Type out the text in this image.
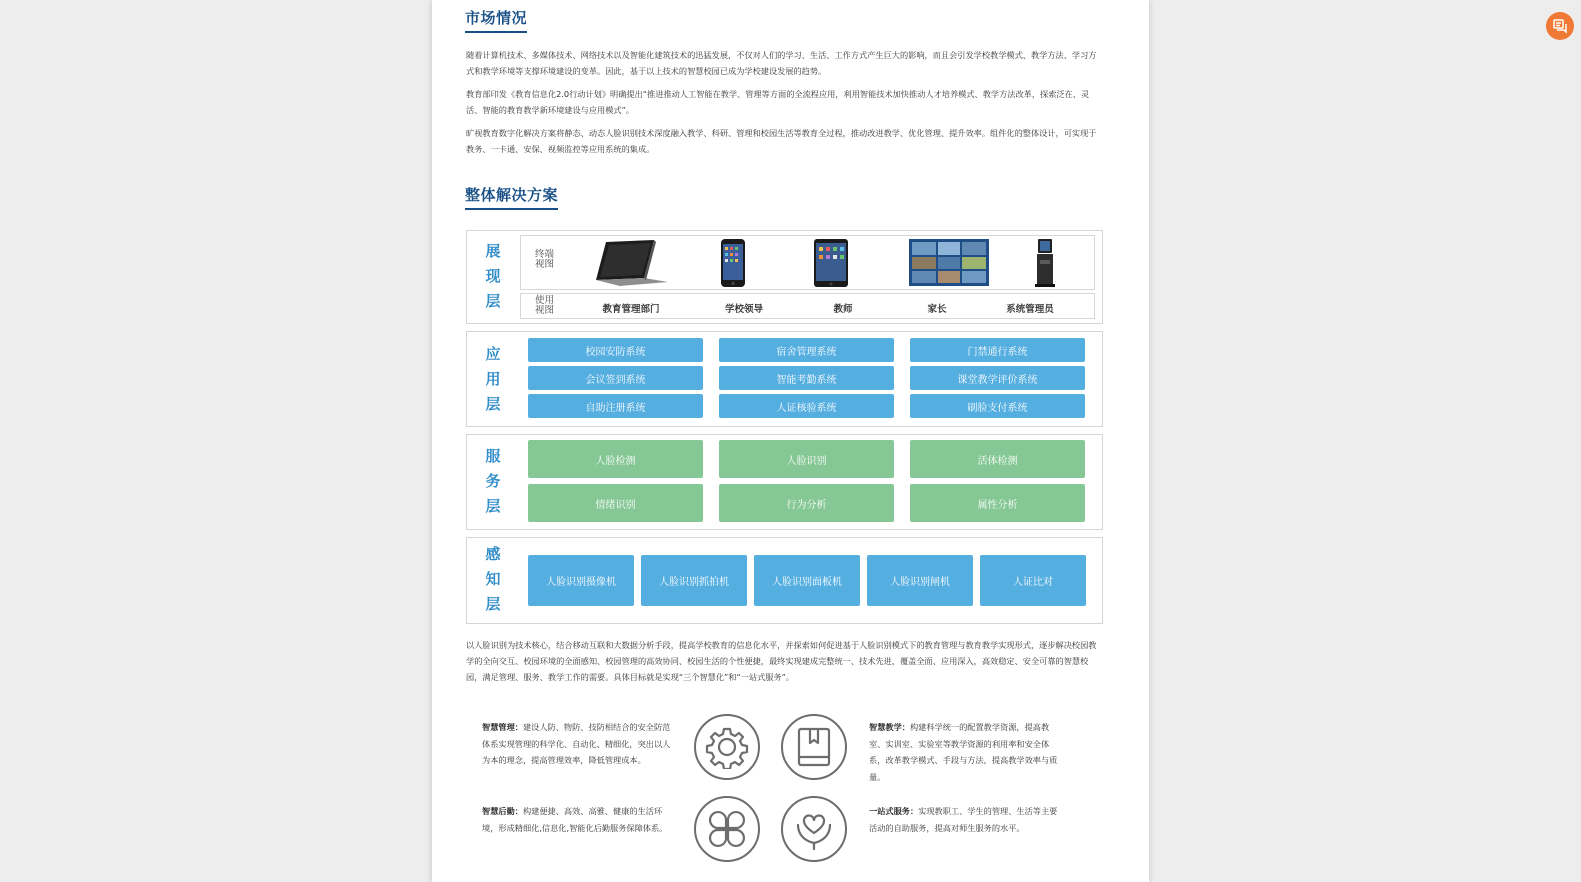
市场情况
随着计算机技术、多媒体技术、网络技术以及智能化建筑技术的迅猛发展，不仅对人们的学习、生活、工作方式产生巨大的影响，而且会引发学校教学模式、教学方法、学习方式和教学环境等支撑环境建设的变革。因此，基于以上技术的智慧校园已成为学校建设发展的趋势。
教育部印发《教育信息化2.0行动计划》明确提出“推进推动人工智能在教学、管理等方面的全流程应用，利用智能技术加快推动人才培养模式、教学方法改革，探索泛在、灵活、智能的教育教学新环境建设与应用模式”。
旷视教育数字化解决方案将静态、动态人脸识别技术深度融入教学、科研、管理和校园生活等教育全过程，推动改进教学、优化管理、提升效率。组件化的整体设计，可实现于教务、一卡通、安保、视频监控等应用系统的集成。
整体解决方案
展
现
层
终端视图
使用视图	教育管理部门	学校领导	教师	家长	系统管理员
应
用
层
校园安防系统	宿舍管理系统	门禁通行系统
会议签到系统	智能考勤系统	课堂教学评价系统
自助注册系统	人证核验系统	刷脸支付系统
服
务
层
人脸检测	人脸识别	活体检测
情绪识别	行为分析	属性分析
感
知
层
人脸识别摄像机	人脸识别抓拍机	人脸识别面板机	人脸识别闸机	人证比对
以人脸识别为技术核心，结合移动互联和大数据分析手段，提高学校教育的信息化水平，并探索如何促进基于人脸识别模式下的教育管理与教育教学实现形式，逐步解决校园教学的全向交互、校园环境的全面感知、校园管理的高效协同、校园生活的个性便捷，最终实现建成完整统一、技术先进，覆盖全面、应用深入，高效稳定、安全可靠的智慧校园，满足管理、服务、教学工作的需要。具体目标就是实现“三个智慧化”和“一站式服务”。
智慧管理：建设人防、物防、技防相结合的安全防范体系实现管理的科学化、自动化、精细化，突出以人为本的理念，提高管理效率，降低管理成本。
智慧后勤：构建便捷、高效、高雅、健康的生活环境，形成精细化,信息化,智能化后勤服务保障体系。
智慧教学：构建科学统一的配置教学资源，提高教室、实训室、实验室等教学资源的利用率和安全体系，改革教学模式、手段与方法，提高教学效率与质量。
一站式服务：实现教职工、学生的管理、生活等主要活动的自助服务，提高对师生服务的水平。
